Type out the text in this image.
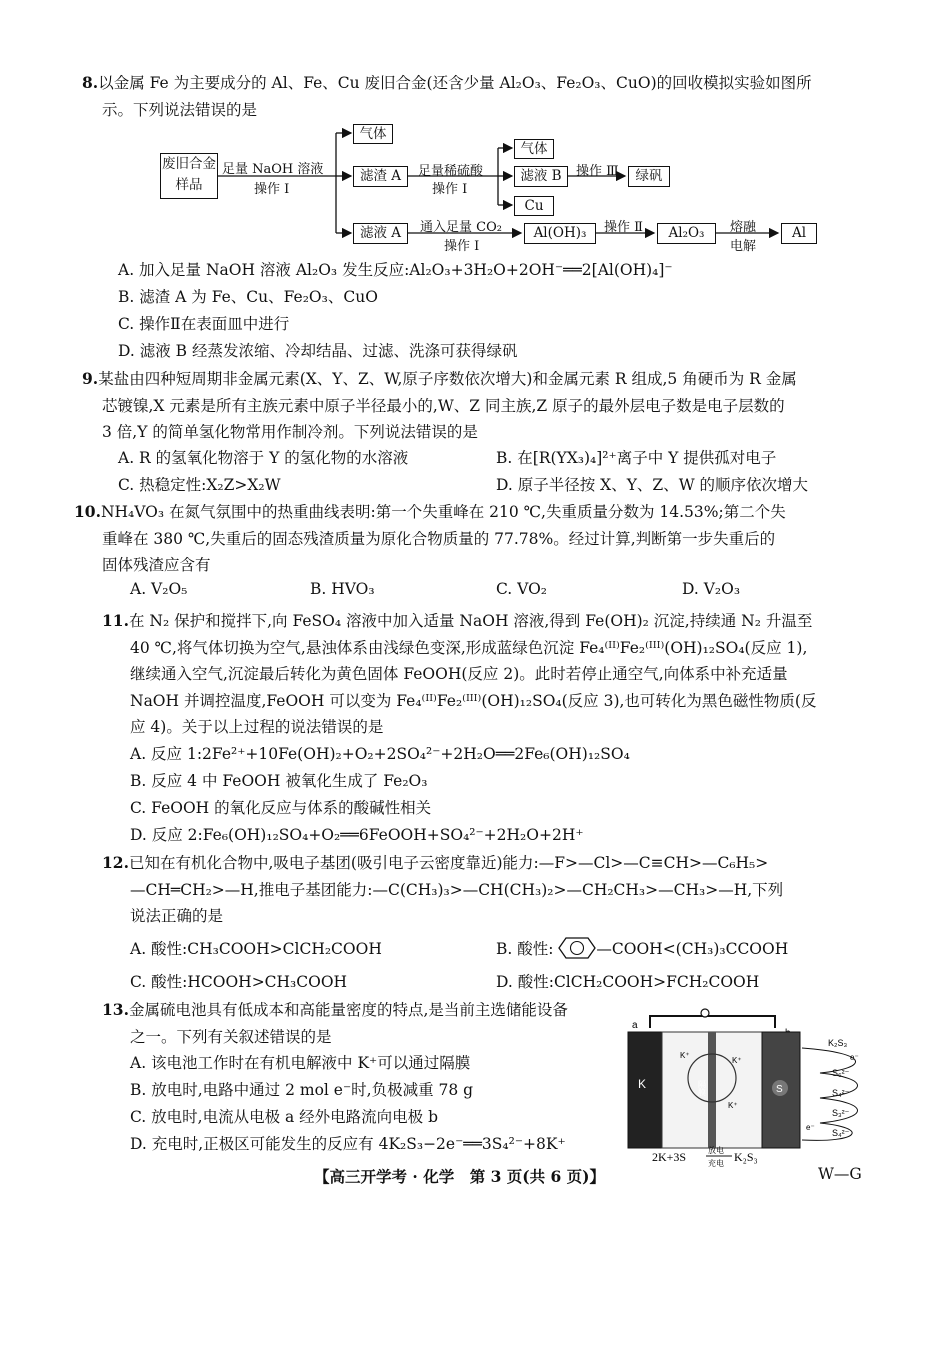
8.以金属 Fe 为主要成分的 Al、Fe、Cu 废旧合金(还含少量 Al₂O₃、Fe₂O₃、CuO)的回收模拟实验如图所
示。下列说法错误的是
废旧合金样品
足量 NaOH 溶液
操作 Ⅰ
气体
滤渣 A	足量稀硫酸
操作 Ⅰ
气体
滤液 B	操作 Ⅲ	绿矾
Cu
滤液 A	通入足量 CO₂
操作 Ⅰ
Al(OH)₃	操作 Ⅱ	Al₂O₃	熔融
电解
Al
A. 加入足量 NaOH 溶液 Al₂O₃ 发生反应:Al₂O₃+3H₂O+2OH⁻══2[Al(OH)₄]⁻
B. 滤渣 A 为 Fe、Cu、Fe₂O₃、CuO
C. 操作Ⅱ在表面皿中进行
D. 滤液 B 经蒸发浓缩、冷却结晶、过滤、洗涤可获得绿矾
9.某盐由四种短周期非金属元素(X、Y、Z、W,原子序数依次增大)和金属元素 R 组成,5 角硬币为 R 金属
芯镀镍,X 元素是所有主族元素中原子半径最小的,W、Z 同主族,Z 原子的最外层电子数是电子层数的
3 倍,Y 的简单氢化物常用作制冷剂。下列说法错误的是
A. R 的氢氧化物溶于 Y 的氢化物的水溶液	B. 在[R(YX₃)₄]²⁺离子中 Y 提供孤对电子
C. 热稳定性:X₂Z>X₂W	D. 原子半径按 X、Y、Z、W 的顺序依次增大
10.NH₄VO₃ 在氮气氛围中的热重曲线表明:第一个失重峰在 210 ℃,失重质量分数为 14.53%;第二个失
重峰在 380 ℃,失重后的固态残渣质量为原化合物质量的 77.78%。经过计算,判断第一步失重后的
固体残渣应含有
A. V₂O₅	B. HVO₃	C. VO₂	D. V₂O₃
11.在 N₂ 保护和搅拌下,向 FeSO₄ 溶液中加入适量 NaOH 溶液,得到 Fe(OH)₂ 沉淀,持续通 N₂ 升温至
40 ℃,将气体切换为空气,悬浊体系由浅绿色变深,形成蓝绿色沉淀 Fe₄⁽ᴵᴵ⁾Fe₂⁽ᴵᴵᴵ⁾(OH)₁₂SO₄(反应 1),
继续通入空气,沉淀最后转化为黄色固体 FeOOH(反应 2)。此时若停止通空气,向体系中补充适量
NaOH 并调控温度,FeOOH 可以变为 Fe₄⁽ᴵᴵ⁾Fe₂⁽ᴵᴵᴵ⁾(OH)₁₂SO₄(反应 3),也可转化为黑色磁性物质(反
应 4)。关于以上过程的说法错误的是
A. 反应 1:2Fe²⁺+10Fe(OH)₂+O₂+2SO₄²⁻+2H₂O══2Fe₆(OH)₁₂SO₄
B. 反应 4 中 FeOOH 被氧化生成了 Fe₂O₃
C. FeOOH 的氧化反应与体系的酸碱性相关
D. 反应 2:Fe₆(OH)₁₂SO₄+O₂══6FeOOH+SO₄²⁻+2H₂O+2H⁺
12.已知在有机化合物中,吸电子基团(吸引电子云密度靠近)能力:—F>—Cl>—C≡CH>—C₆H₅>
—CH═CH₂>—H,推电子基团能力:—C(CH₃)₃>—CH(CH₃)₂>—CH₂CH₃>—CH₃>—H,下列
说法正确的是
A. 酸性:CH₃COOH>ClCH₂COOH	B. 酸性:	—COOH<(CH₃)₃CCOOH
C. 酸性:HCOOH>CH₃COOH	D. 酸性:ClCH₂COOH>FCH₂COOH
13.金属硫电池具有低成本和高能量密度的特点,是当前主选储能设备
之一。下列有关叙述错误的是
A. 该电池工作时在有机电解液中 K⁺可以通过隔膜
B. 放电时,电路中通过 2 mol e⁻时,负极减重 78 g
C. 放电时,电流从电极 a 经外电路流向电极 b
D. 充电时,正极区可能发生的反应有 4K₂S₃−2e⁻══3S₄²⁻+8K⁺
a
K	隔膜
K⁺
K⁺
K⁺
S
K₂S₃
S₆²⁻
S₄²⁻
S₃²⁻
S₄²⁻
e⁻
e⁻
2K+3S	放电
充电 K₂S₃
【高三开学考 · 化学　第 3 页(共 6 页)】	W—G
